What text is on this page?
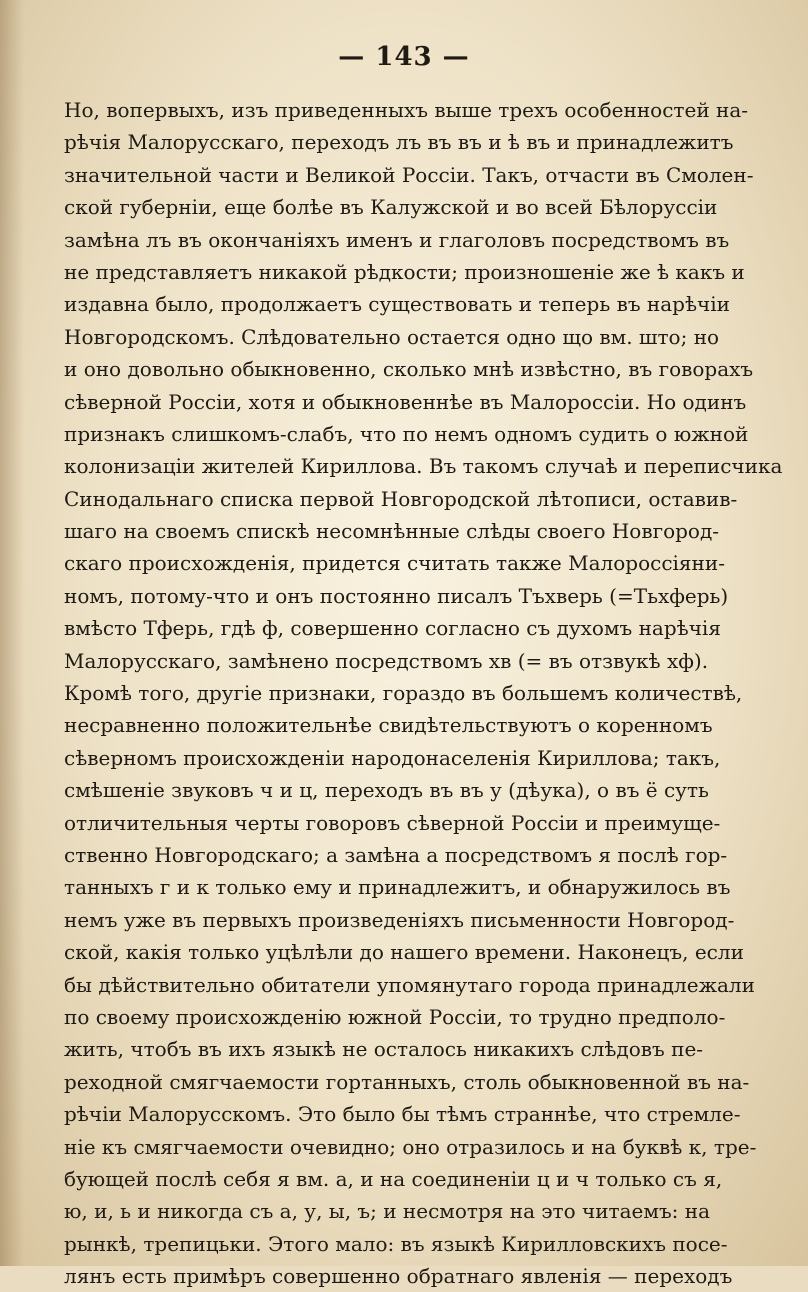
— 143 —
Но, вопервыхъ, изъ приведенныхъ выше трехъ особенностей на-
рѣчія Малорусскаго, переходъ лъ въ въ и ѣ въ и принадлежитъ
значительной части и Великой Россіи. Такъ, отчасти въ Смолен-
ской губерніи, еще болѣе въ Калужской и во всей Бѣлоруссіи
замѣна лъ въ окончаніяхъ именъ и глаголовъ посредствомъ въ
не представляетъ никакой рѣдкости; произношеніе же ѣ какъ и
издавна было, продолжаетъ существовать и теперь въ нарѣчіи
Новгородскомъ. Слѣдовательно остается одно що вм. што; но
и оно довольно обыкновенно, сколько мнѣ извѣстно, въ говорахъ
сѣверной Россіи, хотя и обыкновеннѣе въ Малороссіи. Но одинъ
признакъ слишкомъ-слабъ, что по немъ одномъ судить о южной
колонизаціи жителей Кириллова. Въ такомъ случаѣ и переписчика
Синодальнаго списка первой Новгородской лѣтописи, оставив-
шаго на своемъ спискѣ несомнѣнные слѣды своего Новгород-
скаго происхожденія, придется считать также Малороссіяни-
номъ, потому-что и онъ постоянно писалъ Тъхверь (=Тьхферь)
вмѣсто Тферь, гдѣ ф, совершенно согласно съ духомъ нарѣчія
Малорусскаго, замѣнено посредствомъ хв (= въ отзвукѣ хф).
Кромѣ того, другіе признаки, гораздо въ большемъ количествѣ,
несравненно положительнѣе свидѣтельствуютъ о коренномъ
сѣверномъ происхожденіи народонаселенія Кириллова; такъ,
смѣшеніе звуковъ ч и ц, переходъ въ въ у (дѣука), о въ ё суть
отличительныя черты говоровъ сѣверной Россіи и преимуще-
ственно Новгородскаго; а замѣна а посредствомъ я послѣ гор-
танныхъ г и к только ему и принадлежитъ, и обнаружилось въ
немъ уже въ первыхъ произведеніяхъ письменности Новгород-
ской, какія только уцѣлѣли до нашего времени. Наконецъ, если
бы дѣйствительно обитатели упомянутаго города принадлежали
по своему происхожденію южной Россіи, то трудно предполо-
жить, чтобъ въ ихъ языкѣ не осталось никакихъ слѣдовъ пе-
реходной смягчаемости гортанныхъ, столь обыкновенной въ на-
рѣчіи Малорусскомъ. Это было бы тѣмъ страннѣе, что стремле-
ніе къ смягчаемости очевидно; оно отразилось и на буквѣ к, тре-
бующей послѣ себя я вм. а, и на соединеніи ц и ч только съ я,
ю, и, ь и никогда съ а, у, ы, ъ; и несмотря на это читаемъ: на
рынкѣ, трепицьки. Этого мало: въ языкѣ Кирилловскихъ посе-
лянъ есть примѣръ совершенно обратнаго явленія — переходъ
